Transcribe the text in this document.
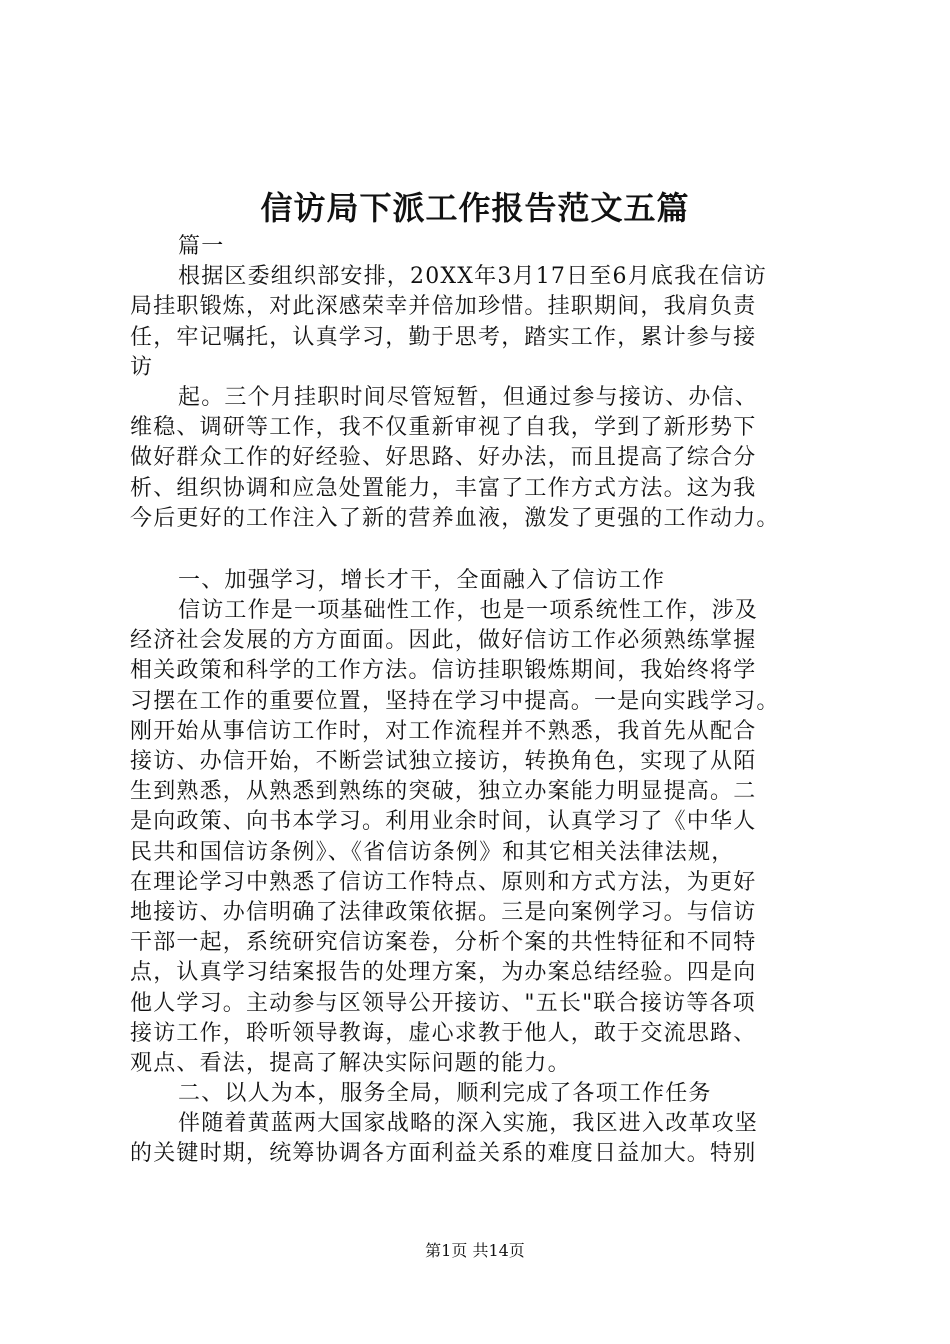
信访局下派工作报告范文五篇
篇一
根据区委组织部安排，20XX年3月17日至6月底我在信访
局挂职锻炼，对此深感荣幸并倍加珍惜。挂职期间，我肩负责
任，牢记嘱托，认真学习，勤于思考，踏实工作，累计参与接
访
起。三个月挂职时间尽管短暂，但通过参与接访、办信、
维稳、调研等工作，我不仅重新审视了自我，学到了新形势下
做好群众工作的好经验、好思路、好办法，而且提高了综合分
析、组织协调和应急处置能力，丰富了工作方式方法。这为我
今后更好的工作注入了新的营养血液，激发了更强的工作动力。
一、加强学习，增长才干，全面融入了信访工作
信访工作是一项基础性工作，也是一项系统性工作，涉及
经济社会发展的方方面面。因此，做好信访工作必须熟练掌握
相关政策和科学的工作方法。信访挂职锻炼期间，我始终将学
习摆在工作的重要位置，坚持在学习中提高。一是向实践学习。
刚开始从事信访工作时，对工作流程并不熟悉，我首先从配合
接访、办信开始，不断尝试独立接访，转换角色，实现了从陌
生到熟悉，从熟悉到熟练的突破，独立办案能力明显提高。二
是向政策、向书本学习。利用业余时间，认真学习了《中华人
民共和国信访条例》、《省信访条例》和其它相关法律法规，
在理论学习中熟悉了信访工作特点、原则和方式方法，为更好
地接访、办信明确了法律政策依据。三是向案例学习。与信访
干部一起，系统研究信访案卷，分析个案的共性特征和不同特
点，认真学习结案报告的处理方案，为办案总结经验。四是向
他人学习。主动参与区领导公开接访、"五长"联合接访等各项
接访工作，聆听领导教诲，虚心求教于他人，敢于交流思路、
观点、看法，提高了解决实际问题的能力。
二、以人为本，服务全局，顺利完成了各项工作任务
伴随着黄蓝两大国家战略的深入实施，我区进入改革攻坚
的关键时期，统筹协调各方面利益关系的难度日益加大。特别
第1页 共14页
